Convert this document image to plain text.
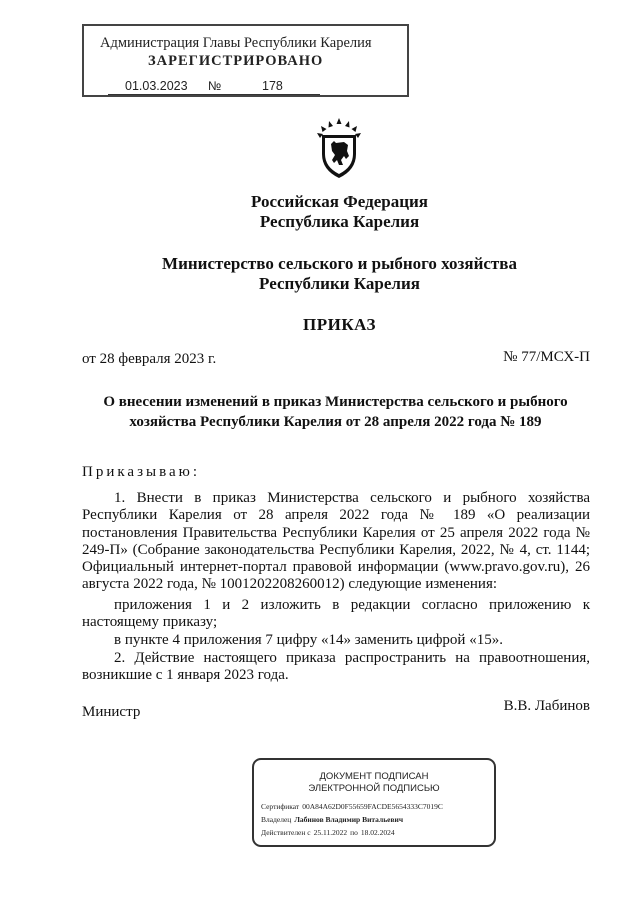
Администрация Главы Республики Карелия
ЗАРЕГИСТРИРОВАНО
01.03.2023 №	178
Российская Федерация
Республика Карелия
Министерство сельского и рыбного хозяйства
Республики Карелия
ПРИКАЗ
от 28 февраля 2023 г.	№ 77/МСХ-П
О внесении изменений в приказ Министерства сельского и рыбного хозяйства Республики Карелия от 28 апреля 2022 года № 189
Приказываю:
1. Внести в приказ Министерства сельского и рыбного хозяйства Республики Карелия от 28 апреля 2022 года № 189 «О реализации постановления Правительства Республики Карелия от 25 апреля 2022 года № 249-П» (Собрание законодательства Республики Карелия, 2022, № 4, ст. 1144; Официальный интернет-портал правовой информации (www.pravo.gov.ru), 26 августа 2022 года, № 1001202208260012) следующие изменения:
приложения 1 и 2 изложить в редакции согласно приложению к настоящему приказу;
в пункте 4 приложения 7 цифру «14» заменить цифрой «15».
2. Действие настоящего приказа распространить на правоотношения, возникшие с 1 января 2023 года.
Министр	В.В. Лабинов
ДОКУМЕНТ ПОДПИСАН
ЭЛЕКТРОННОЙ ПОДПИСЬЮ
Сертификат 00A84A62D0F55659FACDE5654333C7019C
Владелец Лабинов Владимир Витальевич
Действителен с 25.11.2022 по 18.02.2024
